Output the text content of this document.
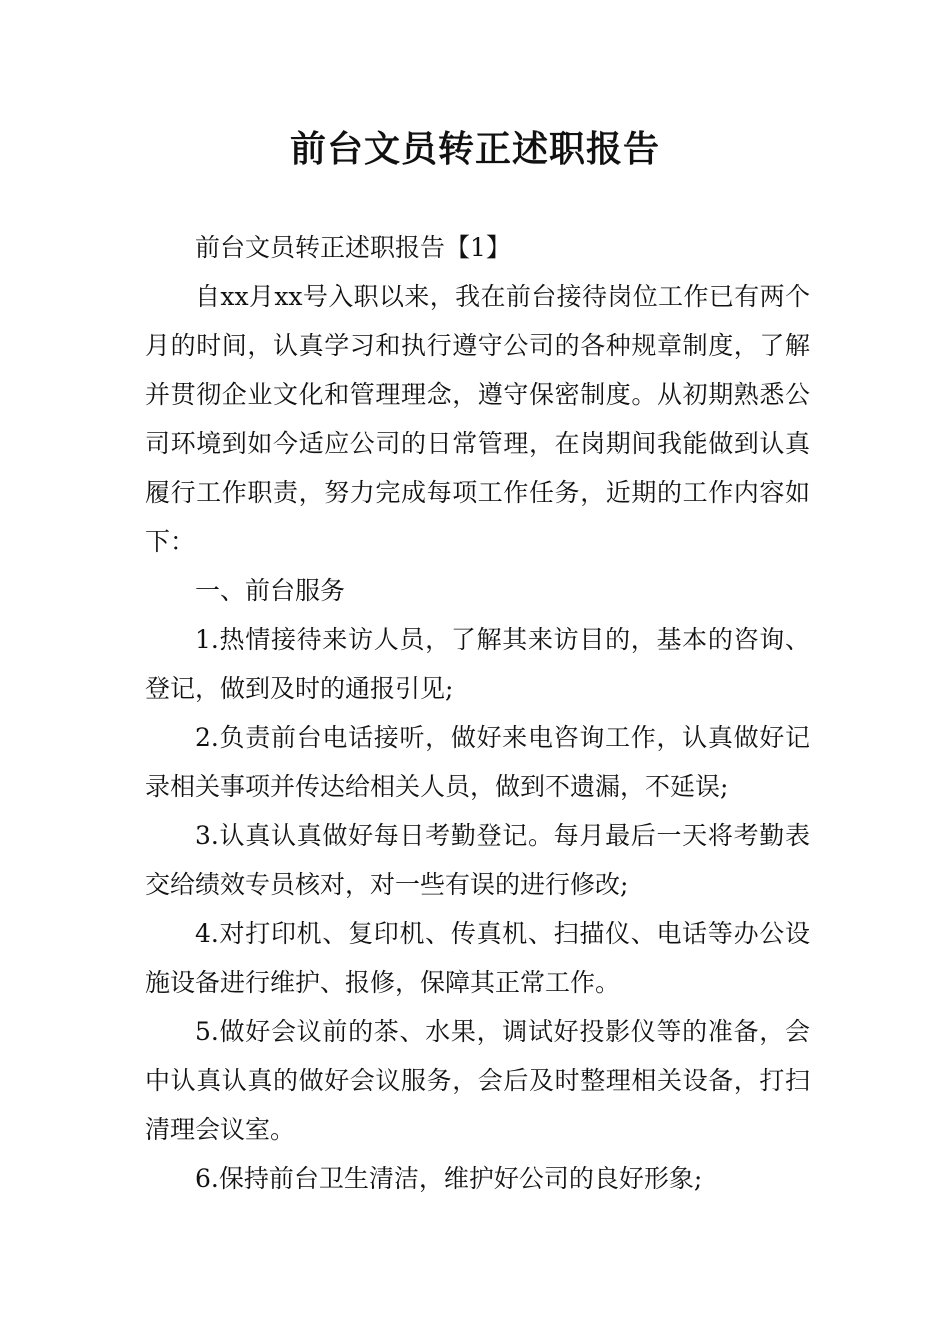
前台文员转正述职报告

前台文员转正述职报告【1】

自xx月xx号入职以来，我在前台接待岗位工作已有两个月的时间，认真学习和执行遵守公司的各种规章制度，了解并贯彻企业文化和管理理念，遵守保密制度。从初期熟悉公司环境到如今适应公司的日常管理，在岗期间我能做到认真履行工作职责，努力完成每项工作任务，近期的工作内容如下：

一、前台服务

1.热情接待来访人员，了解其来访目的，基本的咨询、登记，做到及时的通报引见;

2.负责前台电话接听，做好来电咨询工作，认真做好记录相关事项并传达给相关人员，做到不遗漏，不延误;

3.认真认真做好每日考勤登记。每月最后一天将考勤表交给绩效专员核对，对一些有误的进行修改;

4.对打印机、复印机、传真机、扫描仪、电话等办公设施设备进行维护、报修，保障其正常工作。

5.做好会议前的茶、水果，调试好投影仪等的准备，会中认真认真的做好会议服务，会后及时整理相关设备，打扫清理会议室。

6.保持前台卫生清洁，维护好公司的良好形象;
